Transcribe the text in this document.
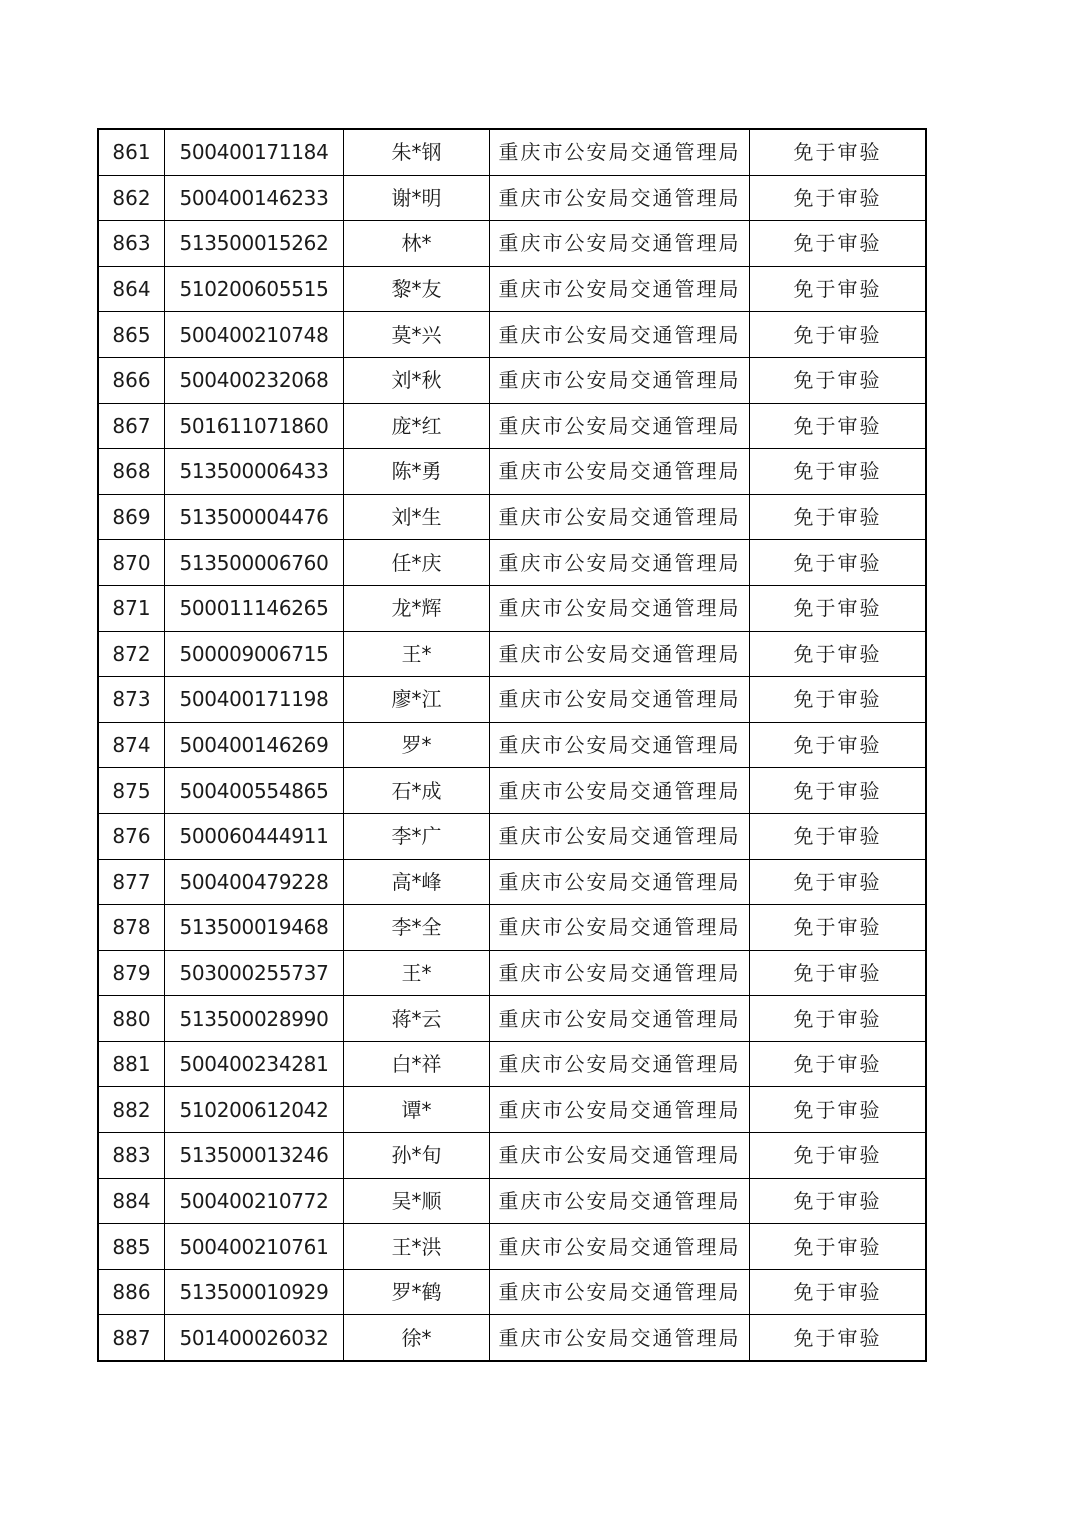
861	500400171184	朱*钢	重庆市公安局交通管理局	免于审验
862	500400146233	谢*明	重庆市公安局交通管理局	免于审验
863	513500015262	林*	重庆市公安局交通管理局	免于审验
864	510200605515	黎*友	重庆市公安局交通管理局	免于审验
865	500400210748	莫*兴	重庆市公安局交通管理局	免于审验
866	500400232068	刘*秋	重庆市公安局交通管理局	免于审验
867	501611071860	庞*红	重庆市公安局交通管理局	免于审验
868	513500006433	陈*勇	重庆市公安局交通管理局	免于审验
869	513500004476	刘*生	重庆市公安局交通管理局	免于审验
870	513500006760	任*庆	重庆市公安局交通管理局	免于审验
871	500011146265	龙*辉	重庆市公安局交通管理局	免于审验
872	500009006715	王*	重庆市公安局交通管理局	免于审验
873	500400171198	廖*江	重庆市公安局交通管理局	免于审验
874	500400146269	罗*	重庆市公安局交通管理局	免于审验
875	500400554865	石*成	重庆市公安局交通管理局	免于审验
876	500060444911	李*广	重庆市公安局交通管理局	免于审验
877	500400479228	高*峰	重庆市公安局交通管理局	免于审验
878	513500019468	李*全	重庆市公安局交通管理局	免于审验
879	503000255737	王*	重庆市公安局交通管理局	免于审验
880	513500028990	蒋*云	重庆市公安局交通管理局	免于审验
881	500400234281	白*祥	重庆市公安局交通管理局	免于审验
882	510200612042	谭*	重庆市公安局交通管理局	免于审验
883	513500013246	孙*旬	重庆市公安局交通管理局	免于审验
884	500400210772	吴*顺	重庆市公安局交通管理局	免于审验
885	500400210761	王*洪	重庆市公安局交通管理局	免于审验
886	513500010929	罗*鹤	重庆市公安局交通管理局	免于审验
887	501400026032	徐*	重庆市公安局交通管理局	免于审验
